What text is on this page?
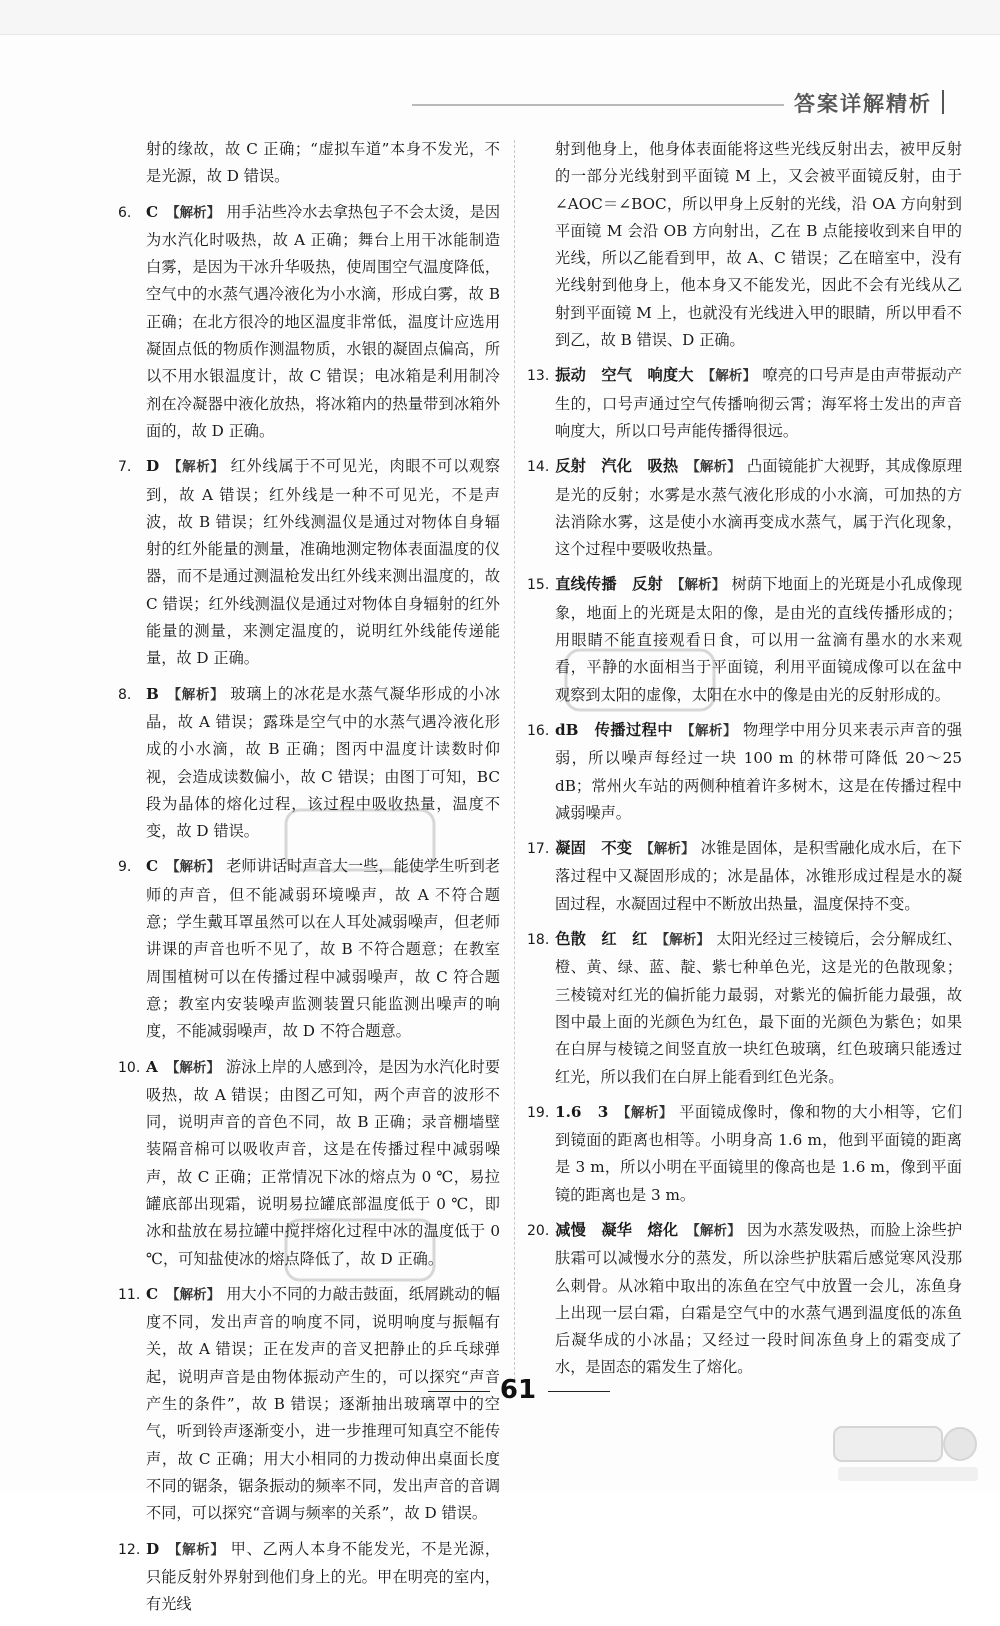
答案详解精析

射的缘故，故 C 正确；“虚拟车道”本身不发光，不是光源，故 D 错误。

6. C 【解析】 用手沾些冷水去拿热包子不会太烫，是因为水汽化时吸热，故 A 正确；舞台上用干冰能制造白雾，是因为干冰升华吸热，使周围空气温度降低，空气中的水蒸气遇冷液化为小水滴，形成白雾，故 B 正确；在北方很冷的地区温度非常低，温度计应选用凝固点低的物质作测温物质，水银的凝固点偏高，所以不用水银温度计，故 C 错误；电冰箱是利用制冷剂在冷凝器中液化放热，将冰箱内的热量带到冰箱外面的，故 D 正确。

7. D 【解析】 红外线属于不可见光，肉眼不可以观察到，故 A 错误；红外线是一种不可见光，不是声波，故 B 错误；红外线测温仪是通过对物体自身辐射的红外能量的测量，准确地测定物体表面温度的仪器，而不是通过测温枪发出红外线来测出温度的，故 C 错误；红外线测温仪是通过对物体自身辐射的红外能量的测量，来测定温度的，说明红外线能传递能量，故 D 正确。

8. B 【解析】 玻璃上的冰花是水蒸气凝华形成的小冰晶，故 A 错误；露珠是空气中的水蒸气遇冷液化形成的小水滴，故 B 正确；图丙中温度计读数时仰视，会造成读数偏小，故 C 错误；由图丁可知，BC 段为晶体的熔化过程，该过程中吸收热量，温度不变，故 D 错误。

9. C 【解析】 老师讲话时声音大一些，能使学生听到老师的声音，但不能减弱环境噪声，故 A 不符合题意；学生戴耳罩虽然可以在人耳处减弱噪声，但老师讲课的声音也听不见了，故 B 不符合题意；在教室周围植树可以在传播过程中减弱噪声，故 C 符合题意；教室内安装噪声监测装置只能监测出噪声的响度，不能减弱噪声，故 D 不符合题意。

10. A 【解析】 游泳上岸的人感到冷，是因为水汽化时要吸热，故 A 错误；由图乙可知，两个声音的波形不同，说明声音的音色不同，故 B 正确；录音棚墙壁装隔音棉可以吸收声音，这是在传播过程中减弱噪声，故 C 正确；正常情况下冰的熔点为 0 ℃，易拉罐底部出现霜，说明易拉罐底部温度低于 0 ℃，即冰和盐放在易拉罐中搅拌熔化过程中冰的温度低于 0 ℃，可知盐使冰的熔点降低了，故 D 正确。

11. C 【解析】 用大小不同的力敲击鼓面，纸屑跳动的幅度不同，发出声音的响度不同，说明响度与振幅有关，故 A 错误；正在发声的音叉把静止的乒乓球弹起，说明声音是由物体振动产生的，可以探究“声音产生的条件”，故 B 错误；逐渐抽出玻璃罩中的空气，听到铃声逐渐变小，进一步推理可知真空不能传声，故 C 正确；用大小相同的力拨动伸出桌面长度不同的锯条，锯条振动的频率不同，发出声音的音调不同，可以探究“音调与频率的关系”，故 D 错误。

12. D 【解析】 甲、乙两人本身不能发光，不是光源，只能反射外界射到他们身上的光。甲在明亮的室内，有光线

射到他身上，他身体表面能将这些光线反射出去，被甲反射的一部分光线射到平面镜 M 上，又会被平面镜反射，由于∠AOC＝∠BOC，所以甲身上反射的光线，沿 OA 方向射到平面镜 M 会沿 OB 方向射出，乙在 B 点能接收到来自甲的光线，所以乙能看到甲，故 A、C 错误；乙在暗室中，没有光线射到他身上，他本身又不能发光，因此不会有光线从乙射到平面镜 M 上，也就没有光线进入甲的眼睛，所以甲看不到乙，故 B 错误、D 正确。

13. 振动　空气　响度大 【解析】 嘹亮的口号声是由声带振动产生的，口号声通过空气传播响彻云霄；海军将士发出的声音响度大，所以口号声能传播得很远。

14. 反射　汽化　吸热 【解析】 凸面镜能扩大视野，其成像原理是光的反射；水雾是水蒸气液化形成的小水滴，可加热的方法消除水雾，这是使小水滴再变成水蒸气，属于汽化现象，这个过程中要吸收热量。

15. 直线传播　反射 【解析】 树荫下地面上的光斑是小孔成像现象，地面上的光斑是太阳的像，是由光的直线传播形成的；用眼睛不能直接观看日食，可以用一盆滴有墨水的水来观看，平静的水面相当于平面镜，利用平面镜成像可以在盆中观察到太阳的虚像，太阳在水中的像是由光的反射形成的。

16. dB　传播过程中 【解析】 物理学中用分贝来表示声音的强弱，所以噪声每经过一块 100 m 的林带可降低 20～25 dB；常州火车站的两侧种植着许多树木，这是在传播过程中减弱噪声。

17. 凝固　不变 【解析】 冰锥是固体，是积雪融化成水后，在下落过程中又凝固形成的；冰是晶体，冰锥形成过程是水的凝固过程，水凝固过程中不断放出热量，温度保持不变。

18. 色散　红　红 【解析】 太阳光经过三棱镜后，会分解成红、橙、黄、绿、蓝、靛、紫七种单色光，这是光的色散现象；三棱镜对红光的偏折能力最弱，对紫光的偏折能力最强，故图中最上面的光颜色为红色，最下面的光颜色为紫色；如果在白屏与棱镜之间竖直放一块红色玻璃，红色玻璃只能透过红光，所以我们在白屏上能看到红色光条。

19. 1.6　3 【解析】 平面镜成像时，像和物的大小相等，它们到镜面的距离也相等。小明身高 1.6 m，他到平面镜的距离是 3 m，所以小明在平面镜里的像高也是 1.6 m，像到平面镜的距离也是 3 m。

20. 减慢　凝华　熔化 【解析】 因为水蒸发吸热，而脸上涂些护肤霜可以减慢水分的蒸发，所以涂些护肤霜后感觉寒风没那么刺骨。从冰箱中取出的冻鱼在空气中放置一会儿，冻鱼身上出现一层白霜，白霜是空气中的水蒸气遇到温度低的冻鱼后凝华成的小冰晶；又经过一段时间冻鱼身上的霜变成了水，是固态的霜发生了熔化。

61
